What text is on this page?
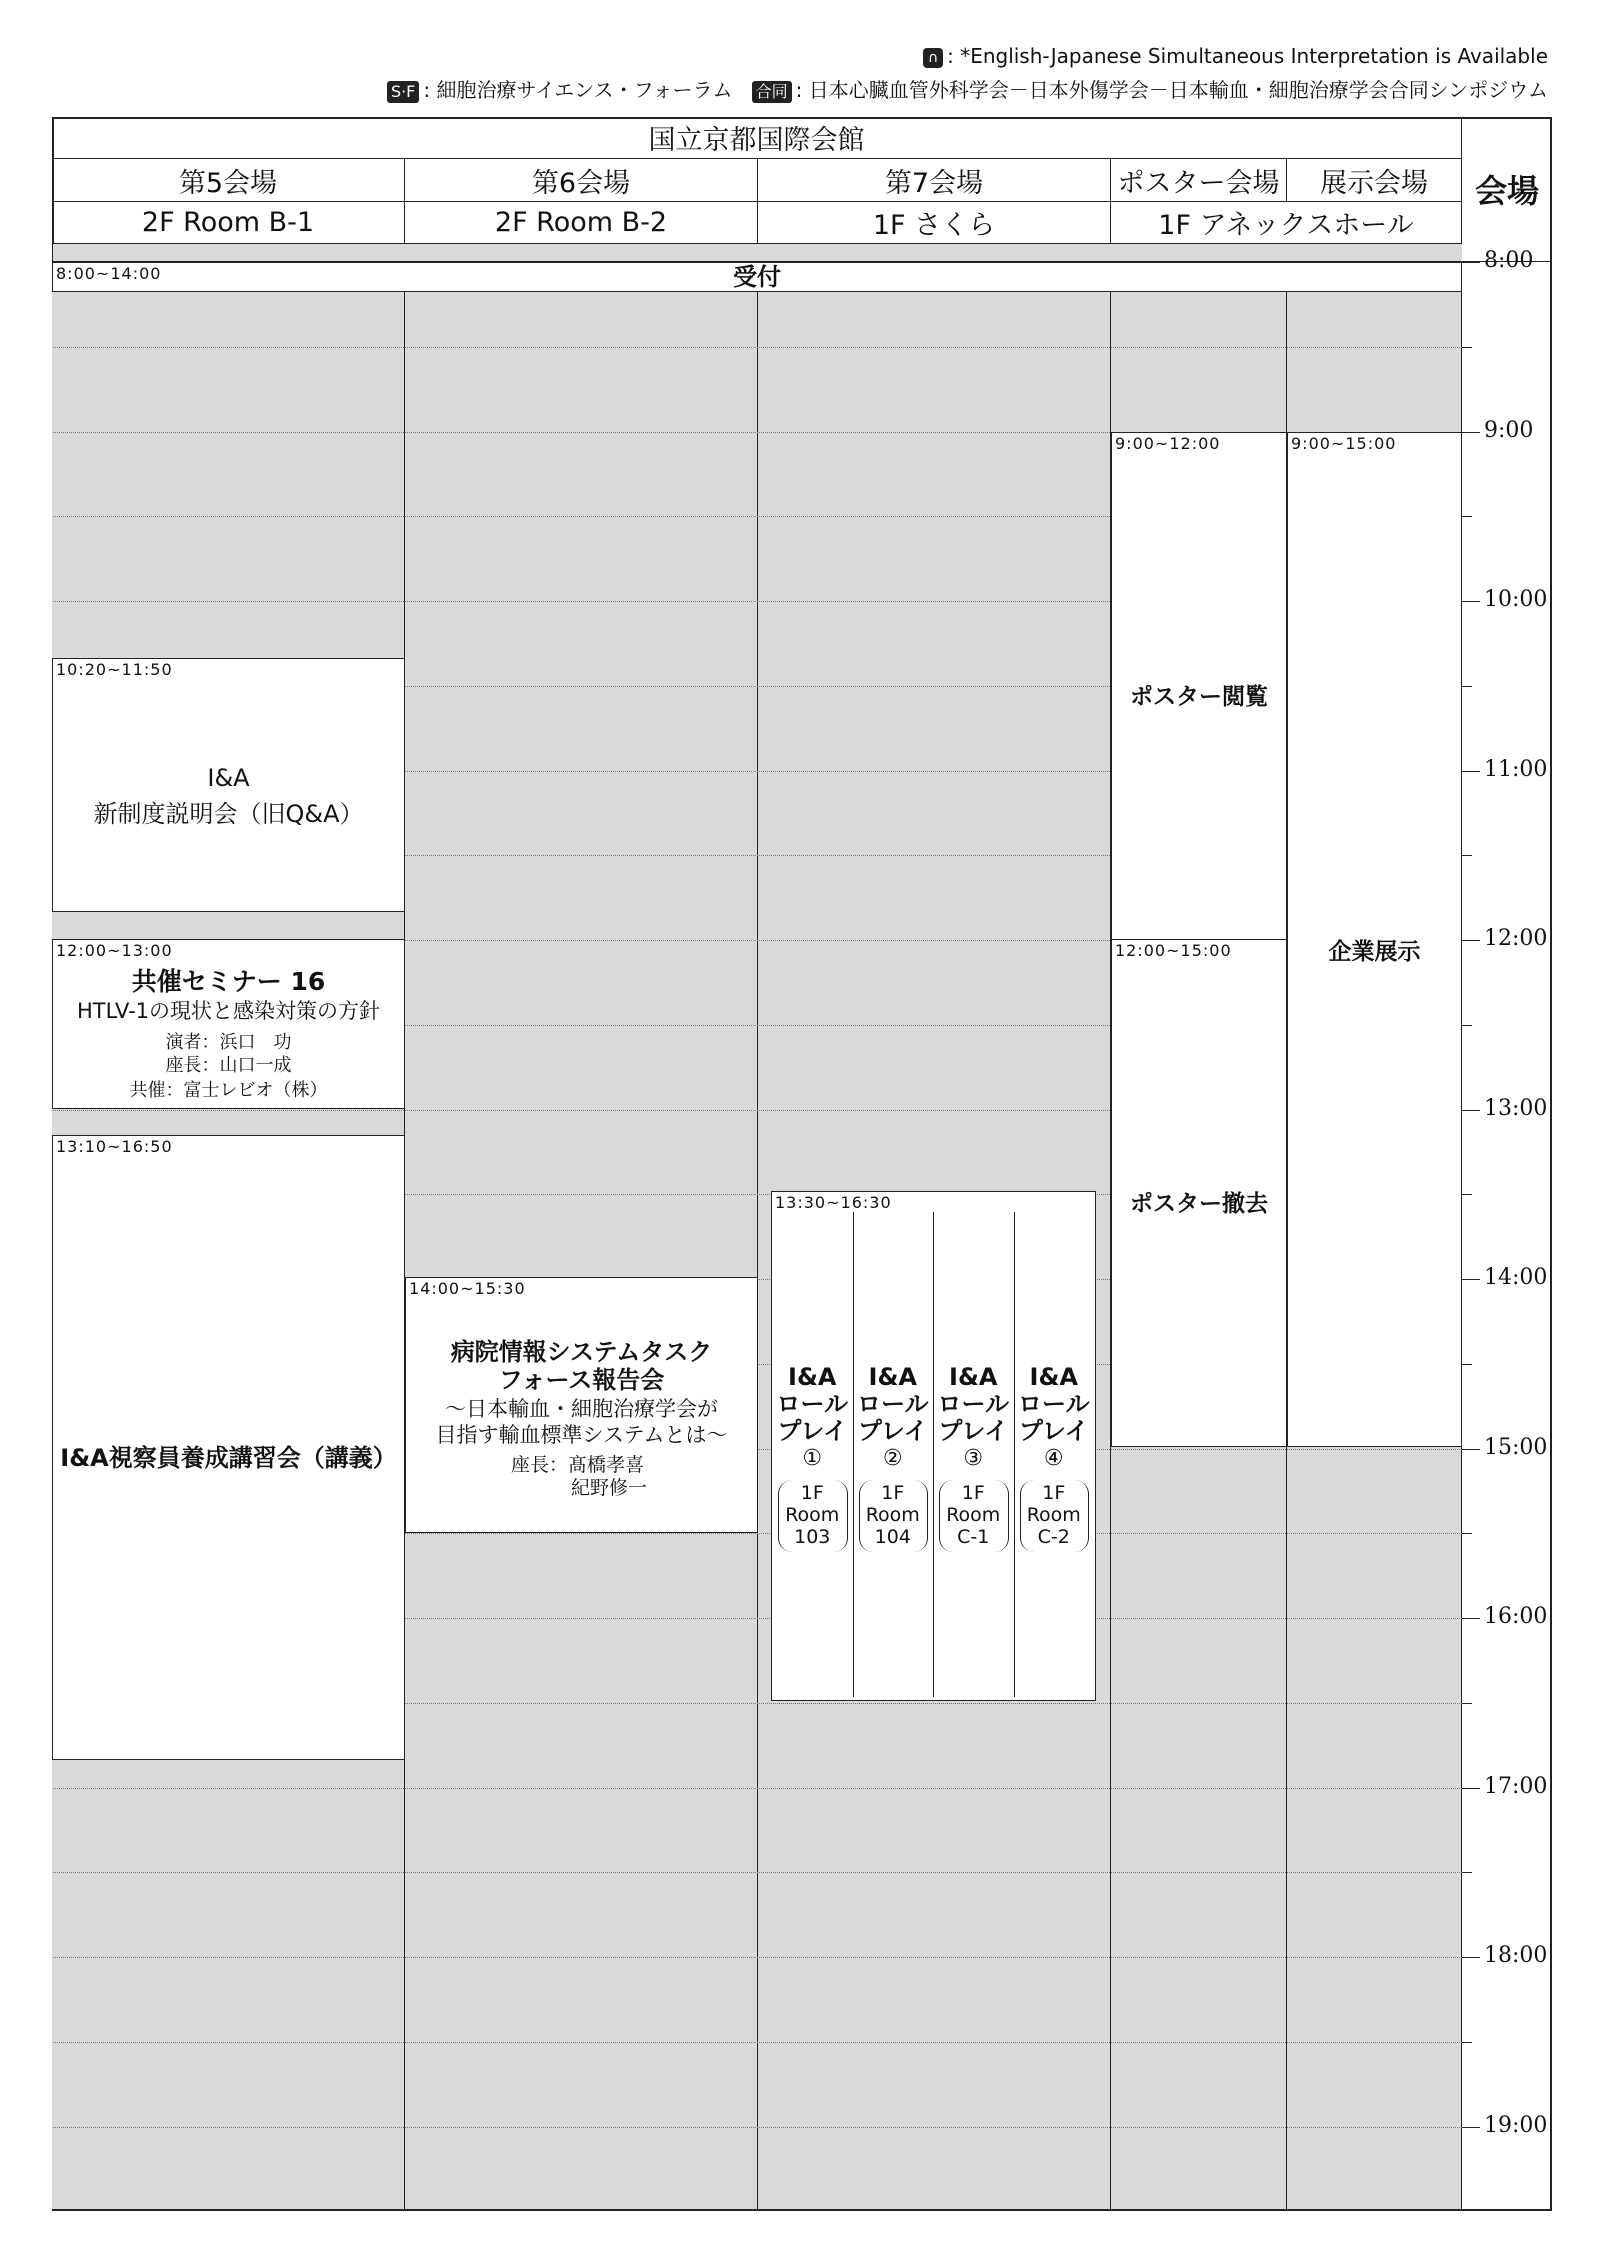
∩ : *English-Japanese Simultaneous Interpretation is Available
S·F : 細胞治療サイエンス・フォーラム 合同 : 日本心臓血管外科学会－日本外傷学会－日本輸血・細胞治療学会合同シンポジウム
国立京都国際会館
会場
第5会場	第6会場	第7会場	ポスター会場	展示会場
2F Room B-1	2F Room B-2	1F さくら	1F アネックスホール
8:00~14:00	受付
10:20~11:50
I&A
新制度説明会（旧Q&A）
12:00~13:00
共催セミナー 16
HTLV-1の現状と感染対策の方針
演者：浜口　功
座長：山口一成
共催：富士レビオ（株）
13:10~16:50
I&A視察員養成講習会（講義）
14:00~15:30
病院情報システムタスク
フォース報告会
～日本輸血・細胞治療学会が
目指す輸血標準システムとは～
座長：髙橋孝喜
紀野修一
13:30~16:30
I&A
ロール
プレイ
①
1F
Room
103
I&A
ロール
プレイ
②
1F
Room
104
I&A
ロール
プレイ
③
1F
Room
C-1
I&A
ロール
プレイ
④
1F
Room
C-2
9:00~12:00
ポスター閲覧
12:00~15:00
ポスター撤去
9:00~15:00
企業展示
8:00
9:00
10:00
11:00
12:00
13:00
14:00
15:00
16:00
17:00
18:00
19:00
